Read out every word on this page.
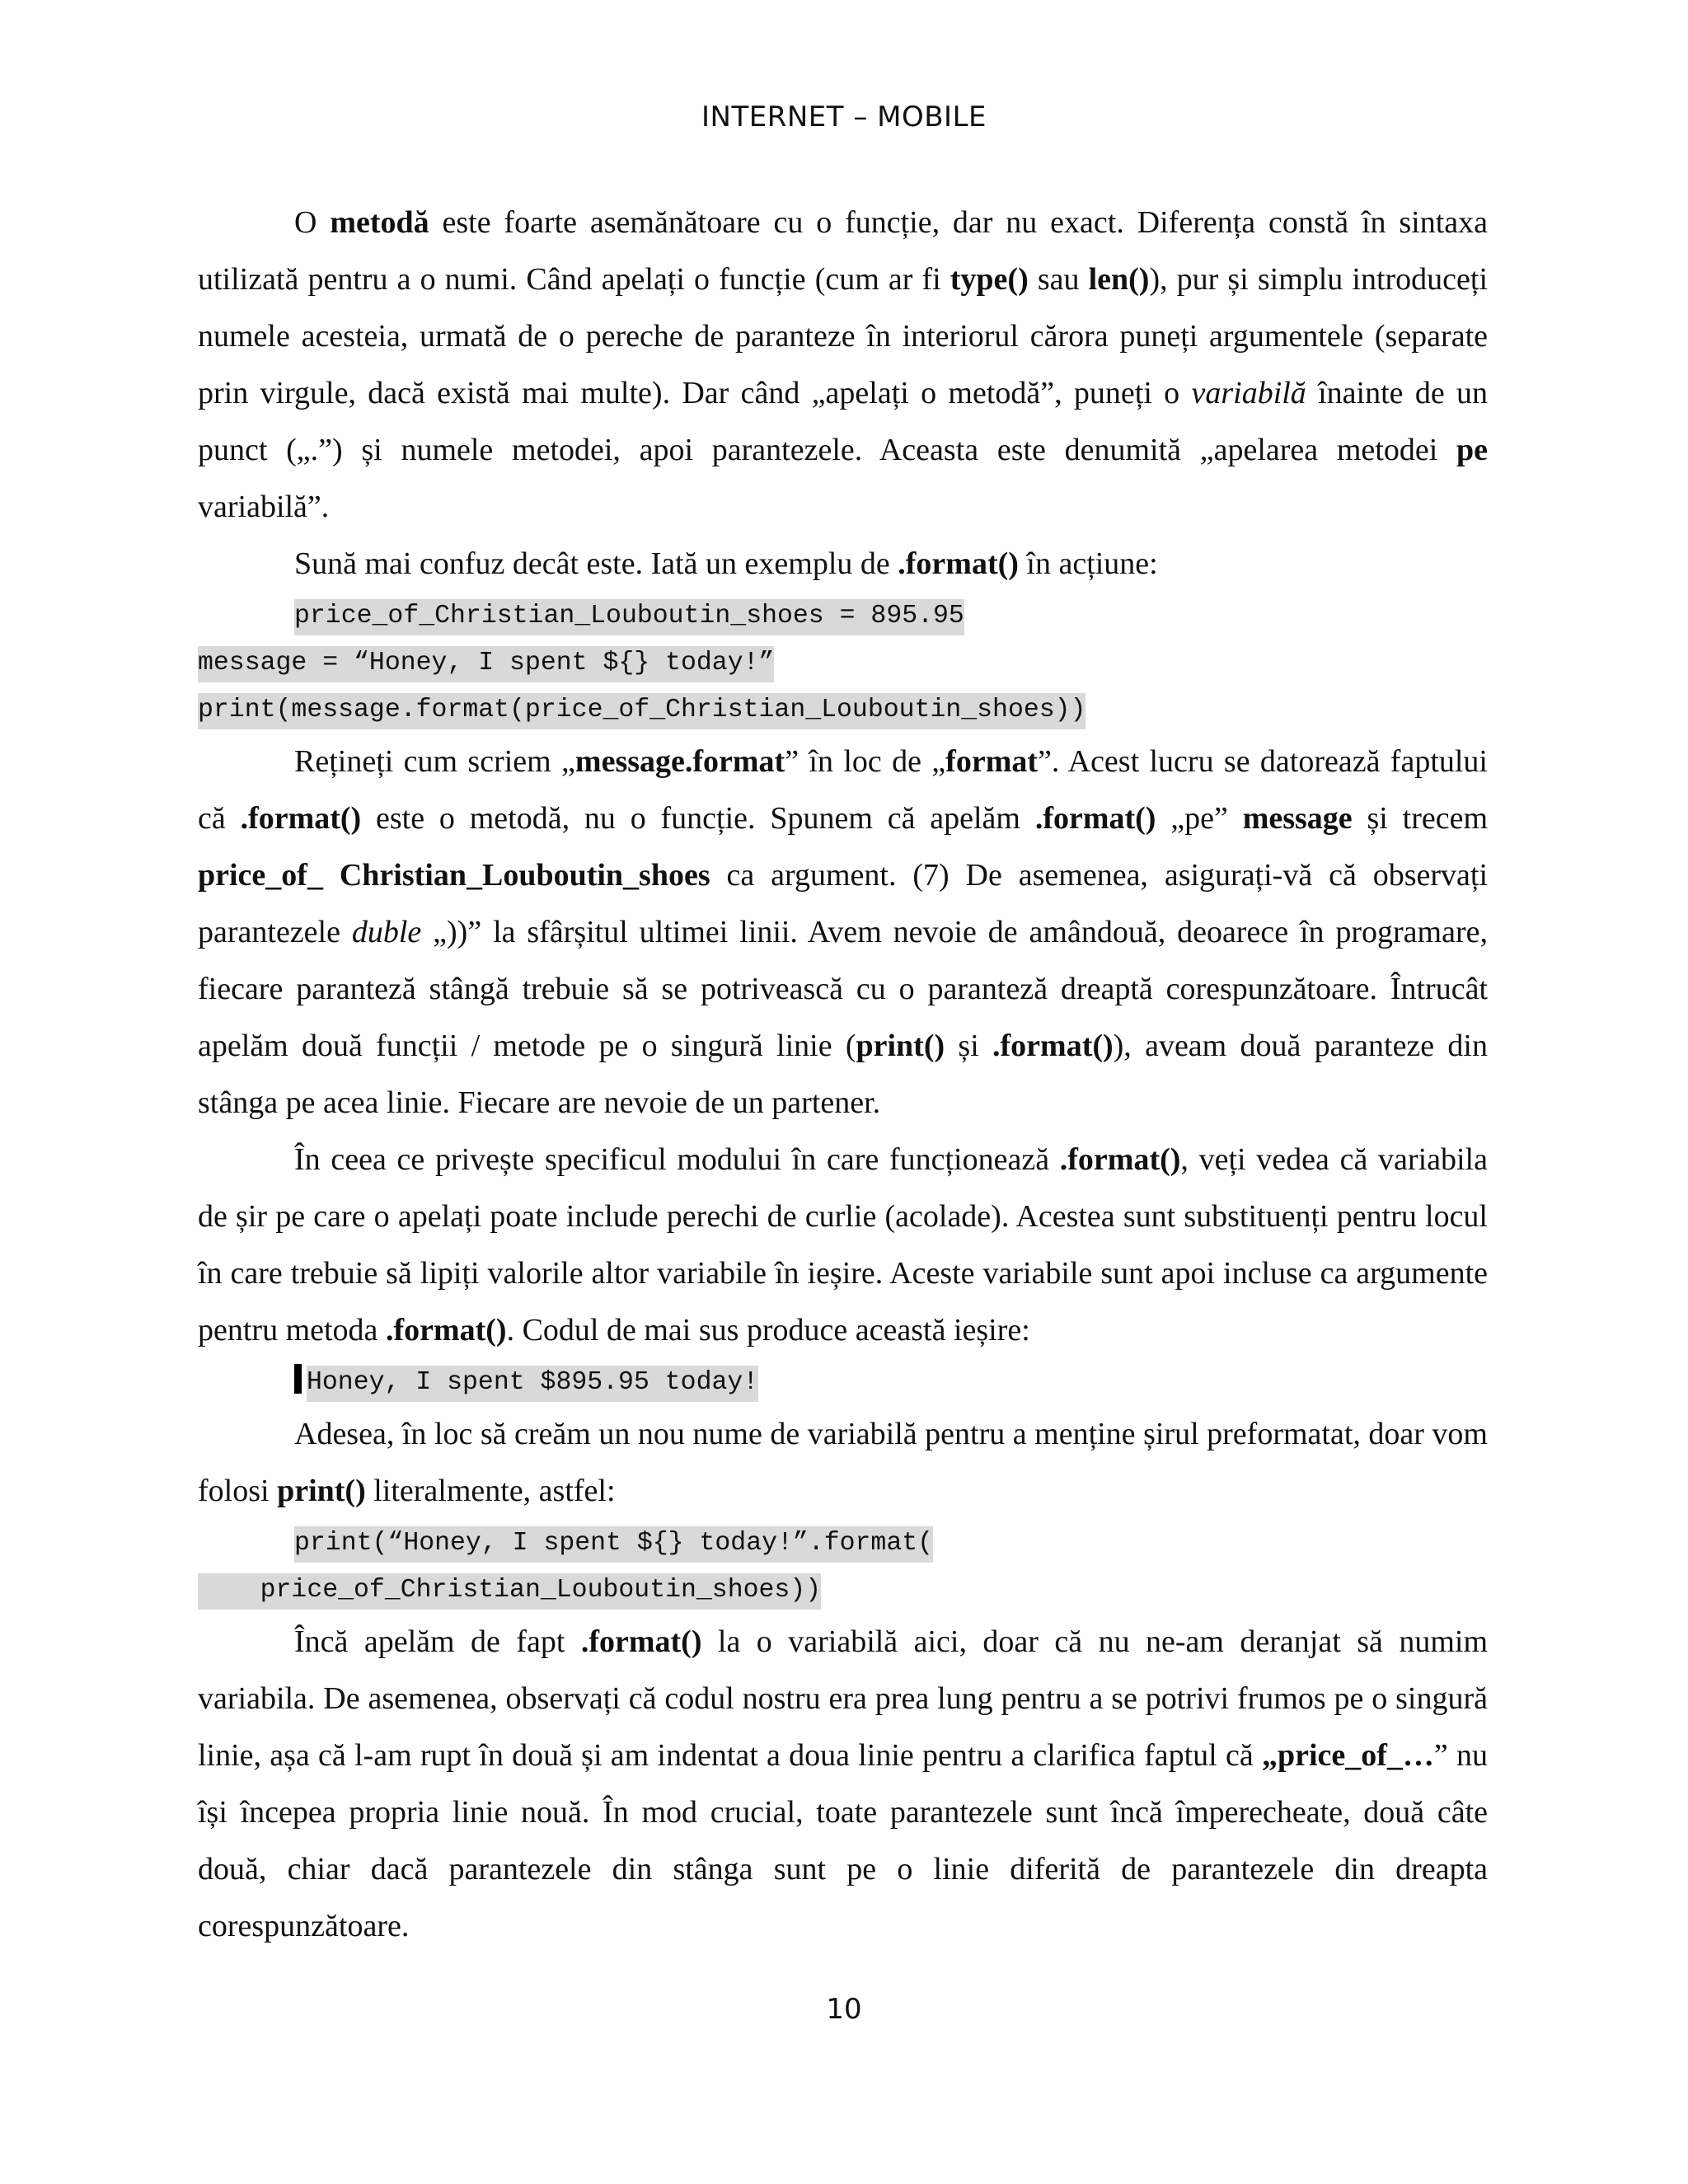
INTERNET – MOBILE

O metodă este foarte asemănătoare cu o funcție, dar nu exact. Diferența constă în sintaxa utilizată pentru a o numi. Când apelați o funcție (cum ar fi type() sau len()), pur și simplu introduceți numele acesteia, urmată de o pereche de paranteze în interiorul cărora puneți argumentele (separate prin virgule, dacă există mai multe). Dar când „apelați o metodă”, puneți o variabilă înainte de un punct („.”) și numele metodei, apoi parantezele. Aceasta este denumită „apelarea metodei pe variabilă”.

Sună mai confuz decât este. Iată un exemplu de .format() în acțiune:

price_of_Christian_Louboutin_shoes = 895.95
message = “Honey, I spent ${} today!”
print(message.format(price_of_Christian_Louboutin_shoes))

Rețineți cum scriem „message.format” în loc de „format”. Acest lucru se datorează faptului că .format() este o metodă, nu o funcție. Spunem că apelăm .format() „pe” message și trecem price_of_ Christian_Louboutin_shoes ca argument. (7) De asemenea, asigurați-vă că observați parantezele duble „))” la sfârșitul ultimei linii. Avem nevoie de amândouă, deoarece în programare, fiecare paranteză stângă trebuie să se potrivească cu o paranteză dreaptă corespunzătoare. Întrucât apelăm două funcții / metode pe o singură linie (print() și .format()), aveam două paranteze din stânga pe acea linie. Fiecare are nevoie de un partener.

În ceea ce privește specificul modului în care funcționează .format(), veți vedea că variabila de șir pe care o apelați poate include perechi de curlie (acolade). Acestea sunt substituenți pentru locul în care trebuie să lipiți valorile altor variabile în ieșire. Aceste variabile sunt apoi incluse ca argumente pentru metoda .format(). Codul de mai sus produce această ieșire:

Honey, I spent $895.95 today!

Adesea, în loc să creăm un nou nume de variabilă pentru a menține șirul preformatat, doar vom folosi print() literalmente, astfel:

print(“Honey, I spent ${} today!”.format(
price_of_Christian_Louboutin_shoes))

Încă apelăm de fapt .format() la o variabilă aici, doar că nu ne-am deranjat să numim variabila. De asemenea, observați că codul nostru era prea lung pentru a se potrivi frumos pe o singură linie, așa că l-am rupt în două și am indentat a doua linie pentru a clarifica faptul că „price_of_…” nu își începea propria linie nouă. În mod crucial, toate parantezele sunt încă împerecheate, două câte două, chiar dacă parantezele din stânga sunt pe o linie diferită de parantezele din dreapta corespunzătoare.

10
